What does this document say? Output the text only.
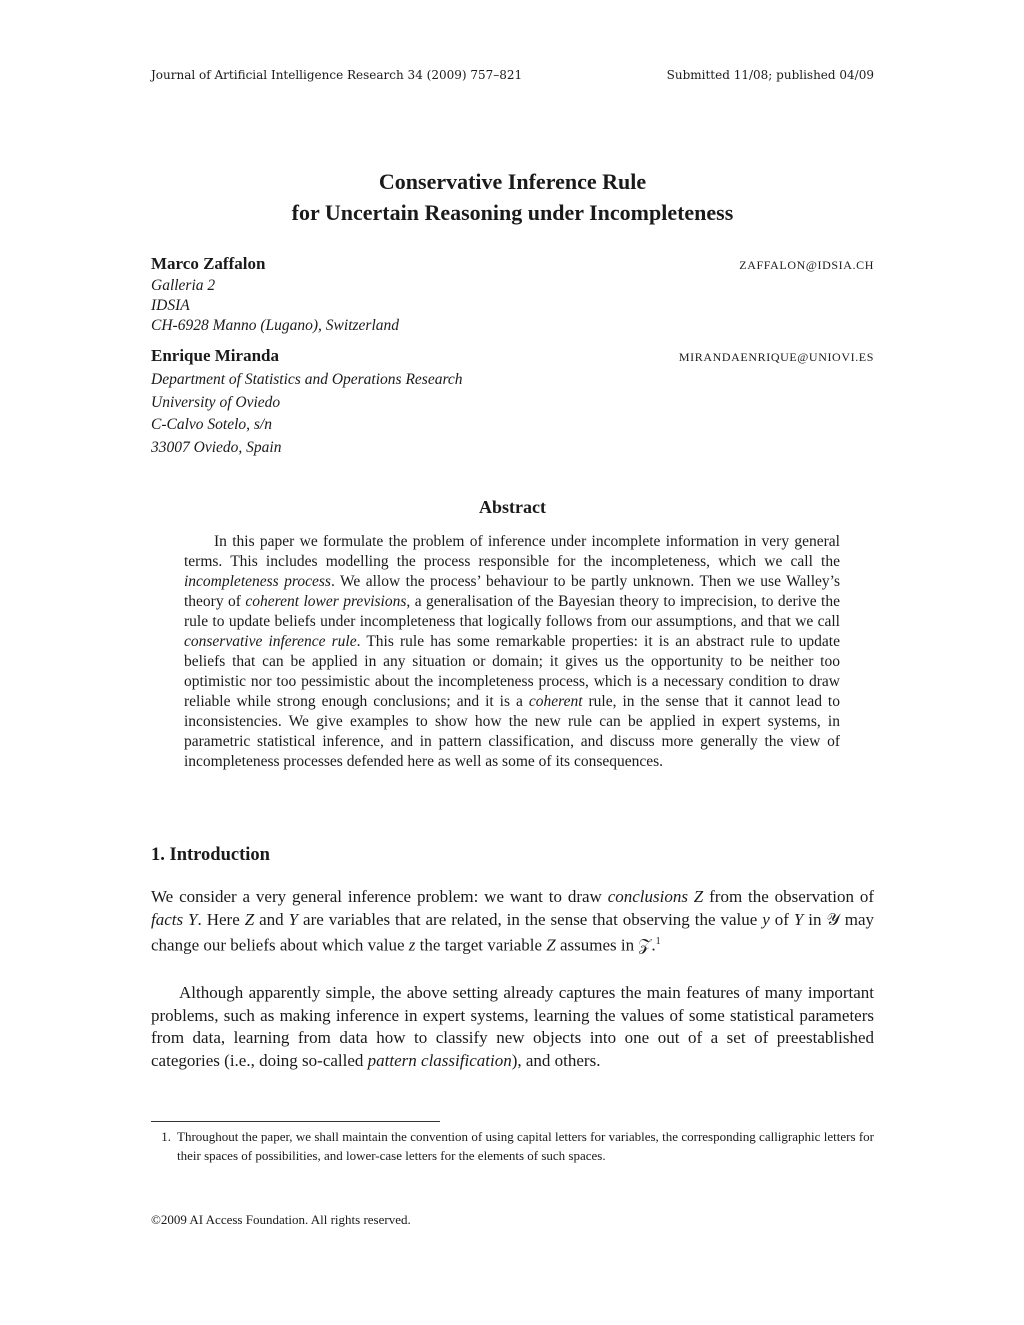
Journal of Artificial Intelligence Research 34 (2009) 757–821	Submitted 11/08; published 04/09
Conservative Inference Rule
for Uncertain Reasoning under Incompleteness
Marco Zaffalon	ZAFFALON@IDSIA.CH
Galleria 2
IDSIA
CH-6928 Manno (Lugano), Switzerland
Enrique Miranda	MIRANDAENRIQUE@UNIOVI.ES
Department of Statistics and Operations Research
University of Oviedo
C-Calvo Sotelo, s/n
33007 Oviedo, Spain
Abstract
In this paper we formulate the problem of inference under incomplete information in very general terms. This includes modelling the process responsible for the incompleteness, which we call the incompleteness process. We allow the process’ behaviour to be partly unknown. Then we use Walley’s theory of coherent lower previsions, a generalisation of the Bayesian theory to imprecision, to derive the rule to update beliefs under incompleteness that logically follows from our assumptions, and that we call conservative inference rule. This rule has some remarkable properties: it is an abstract rule to update beliefs that can be applied in any situation or domain; it gives us the opportunity to be neither too optimistic nor too pessimistic about the incompleteness process, which is a necessary condition to draw reliable while strong enough conclusions; and it is a coherent rule, in the sense that it cannot lead to inconsistencies. We give examples to show how the new rule can be applied in expert systems, in parametric statistical inference, and in pattern classification, and discuss more generally the view of incompleteness processes defended here as well as some of its consequences.
1. Introduction
We consider a very general inference problem: we want to draw conclusions Z from the observation of facts Y. Here Z and Y are variables that are related, in the sense that observing the value y of Y in 𝒴 may change our beliefs about which value z the target variable Z assumes in 𝒵.$^1$
Although apparently simple, the above setting already captures the main features of many important problems, such as making inference in expert systems, learning the values of some statistical parameters from data, learning from data how to classify new objects into one out of a set of preestablished categories (i.e., doing so-called pattern classification), and others.
1. Throughout the paper, we shall maintain the convention of using capital letters for variables, the corresponding calligraphic letters for their spaces of possibilities, and lower-case letters for the elements of such spaces.
©2009 AI Access Foundation. All rights reserved.
